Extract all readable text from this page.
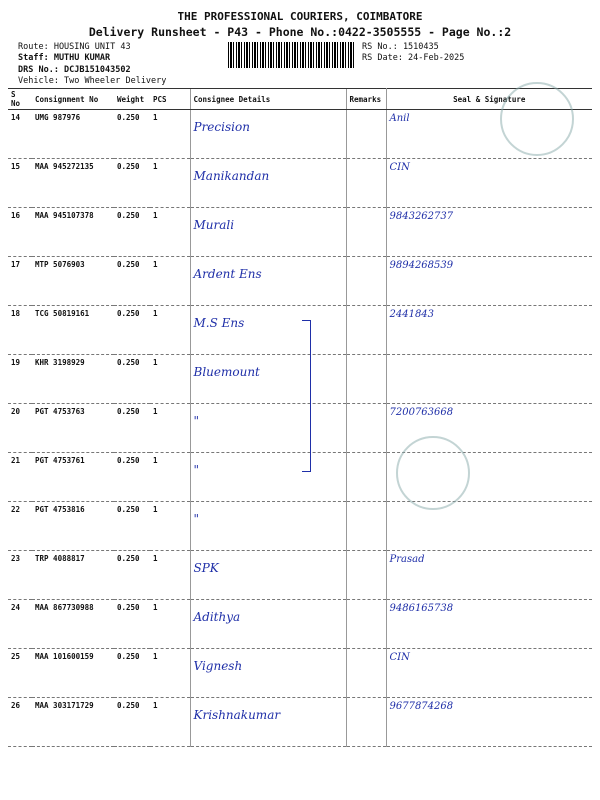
THE PROFESSIONAL COURIERS, COIMBATORE
Delivery Runsheet - P43 - Phone No.:0422-3505555 - Page No.:2
Route: HOUSING UNIT 43
Staff: MUTHU KUMAR
DRS No.: DCJB151043502
Vehicle: Two Wheeler Delivery
RS No.: 1510435
RS Date: 24-Feb-2025
S No	Consignment No	Weight	PCS	Consignee Details	Remarks	Seal & Signature
14	UMG 987976	0.250	1	Precision		Anil
15	MAA 945272135	0.250	1	Manikandan		CIN
16	MAA 945107378	0.250	1	Murali		9843262737
17	MTP 5076903	0.250	1	Ardent Ens		9894268539
18	TCG 50819161	0.250	1	M.S Ens		2441843
19	KHR 3198929	0.250	1	Bluemount		
20	PGT 4753763	0.250	1	"		7200763668
21	PGT 4753761	0.250	1	"		
22	PGT 4753816	0.250	1	"		
23	TRP 4088817	0.250	1	SPK		Prasad
24	MAA 867730988	0.250	1	Adithya		9486165738
25	MAA 101600159	0.250	1	Vignesh		CIN
26	MAA 303171729	0.250	1	Krishnakumar		9677874268
